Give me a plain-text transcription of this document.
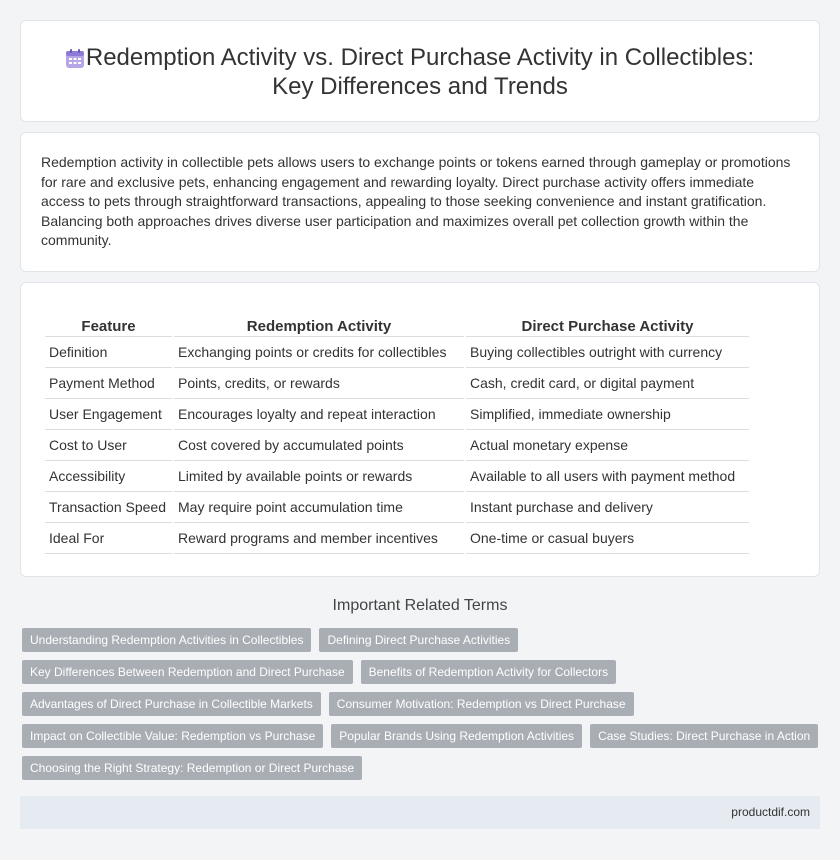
Redemption Activity vs. Direct Purchase Activity in Collectibles:
Key Differences and Trends

Redemption activity in collectible pets allows users to exchange points or tokens earned through gameplay or promotions for rare and exclusive pets, enhancing engagement and rewarding loyalty. Direct purchase activity offers immediate access to pets through straightforward transactions, appealing to those seeking convenience and instant gratification. Balancing both approaches drives diverse user participation and maximizes overall pet collection growth within the community.

Feature	Redemption Activity	Direct Purchase Activity
Definition	Exchanging points or credits for collectibles	Buying collectibles outright with currency
Payment Method	Points, credits, or rewards	Cash, credit card, or digital payment
User Engagement	Encourages loyalty and repeat interaction	Simplified, immediate ownership
Cost to User	Cost covered by accumulated points	Actual monetary expense
Accessibility	Limited by available points or rewards	Available to all users with payment method
Transaction Speed	May require point accumulation time	Instant purchase and delivery
Ideal For	Reward programs and member incentives	One-time or casual buyers
Important Related Terms
Understanding Redemption Activities in Collectibles	Defining Direct Purchase Activities
Key Differences Between Redemption and Direct Purchase	Benefits of Redemption Activity for Collectors
Advantages of Direct Purchase in Collectible Markets	Consumer Motivation: Redemption vs Direct Purchase
Impact on Collectible Value: Redemption vs Purchase	Popular Brands Using Redemption Activities	Case Studies: Direct Purchase in Action
Choosing the Right Strategy: Redemption or Direct Purchase
productdif.com
